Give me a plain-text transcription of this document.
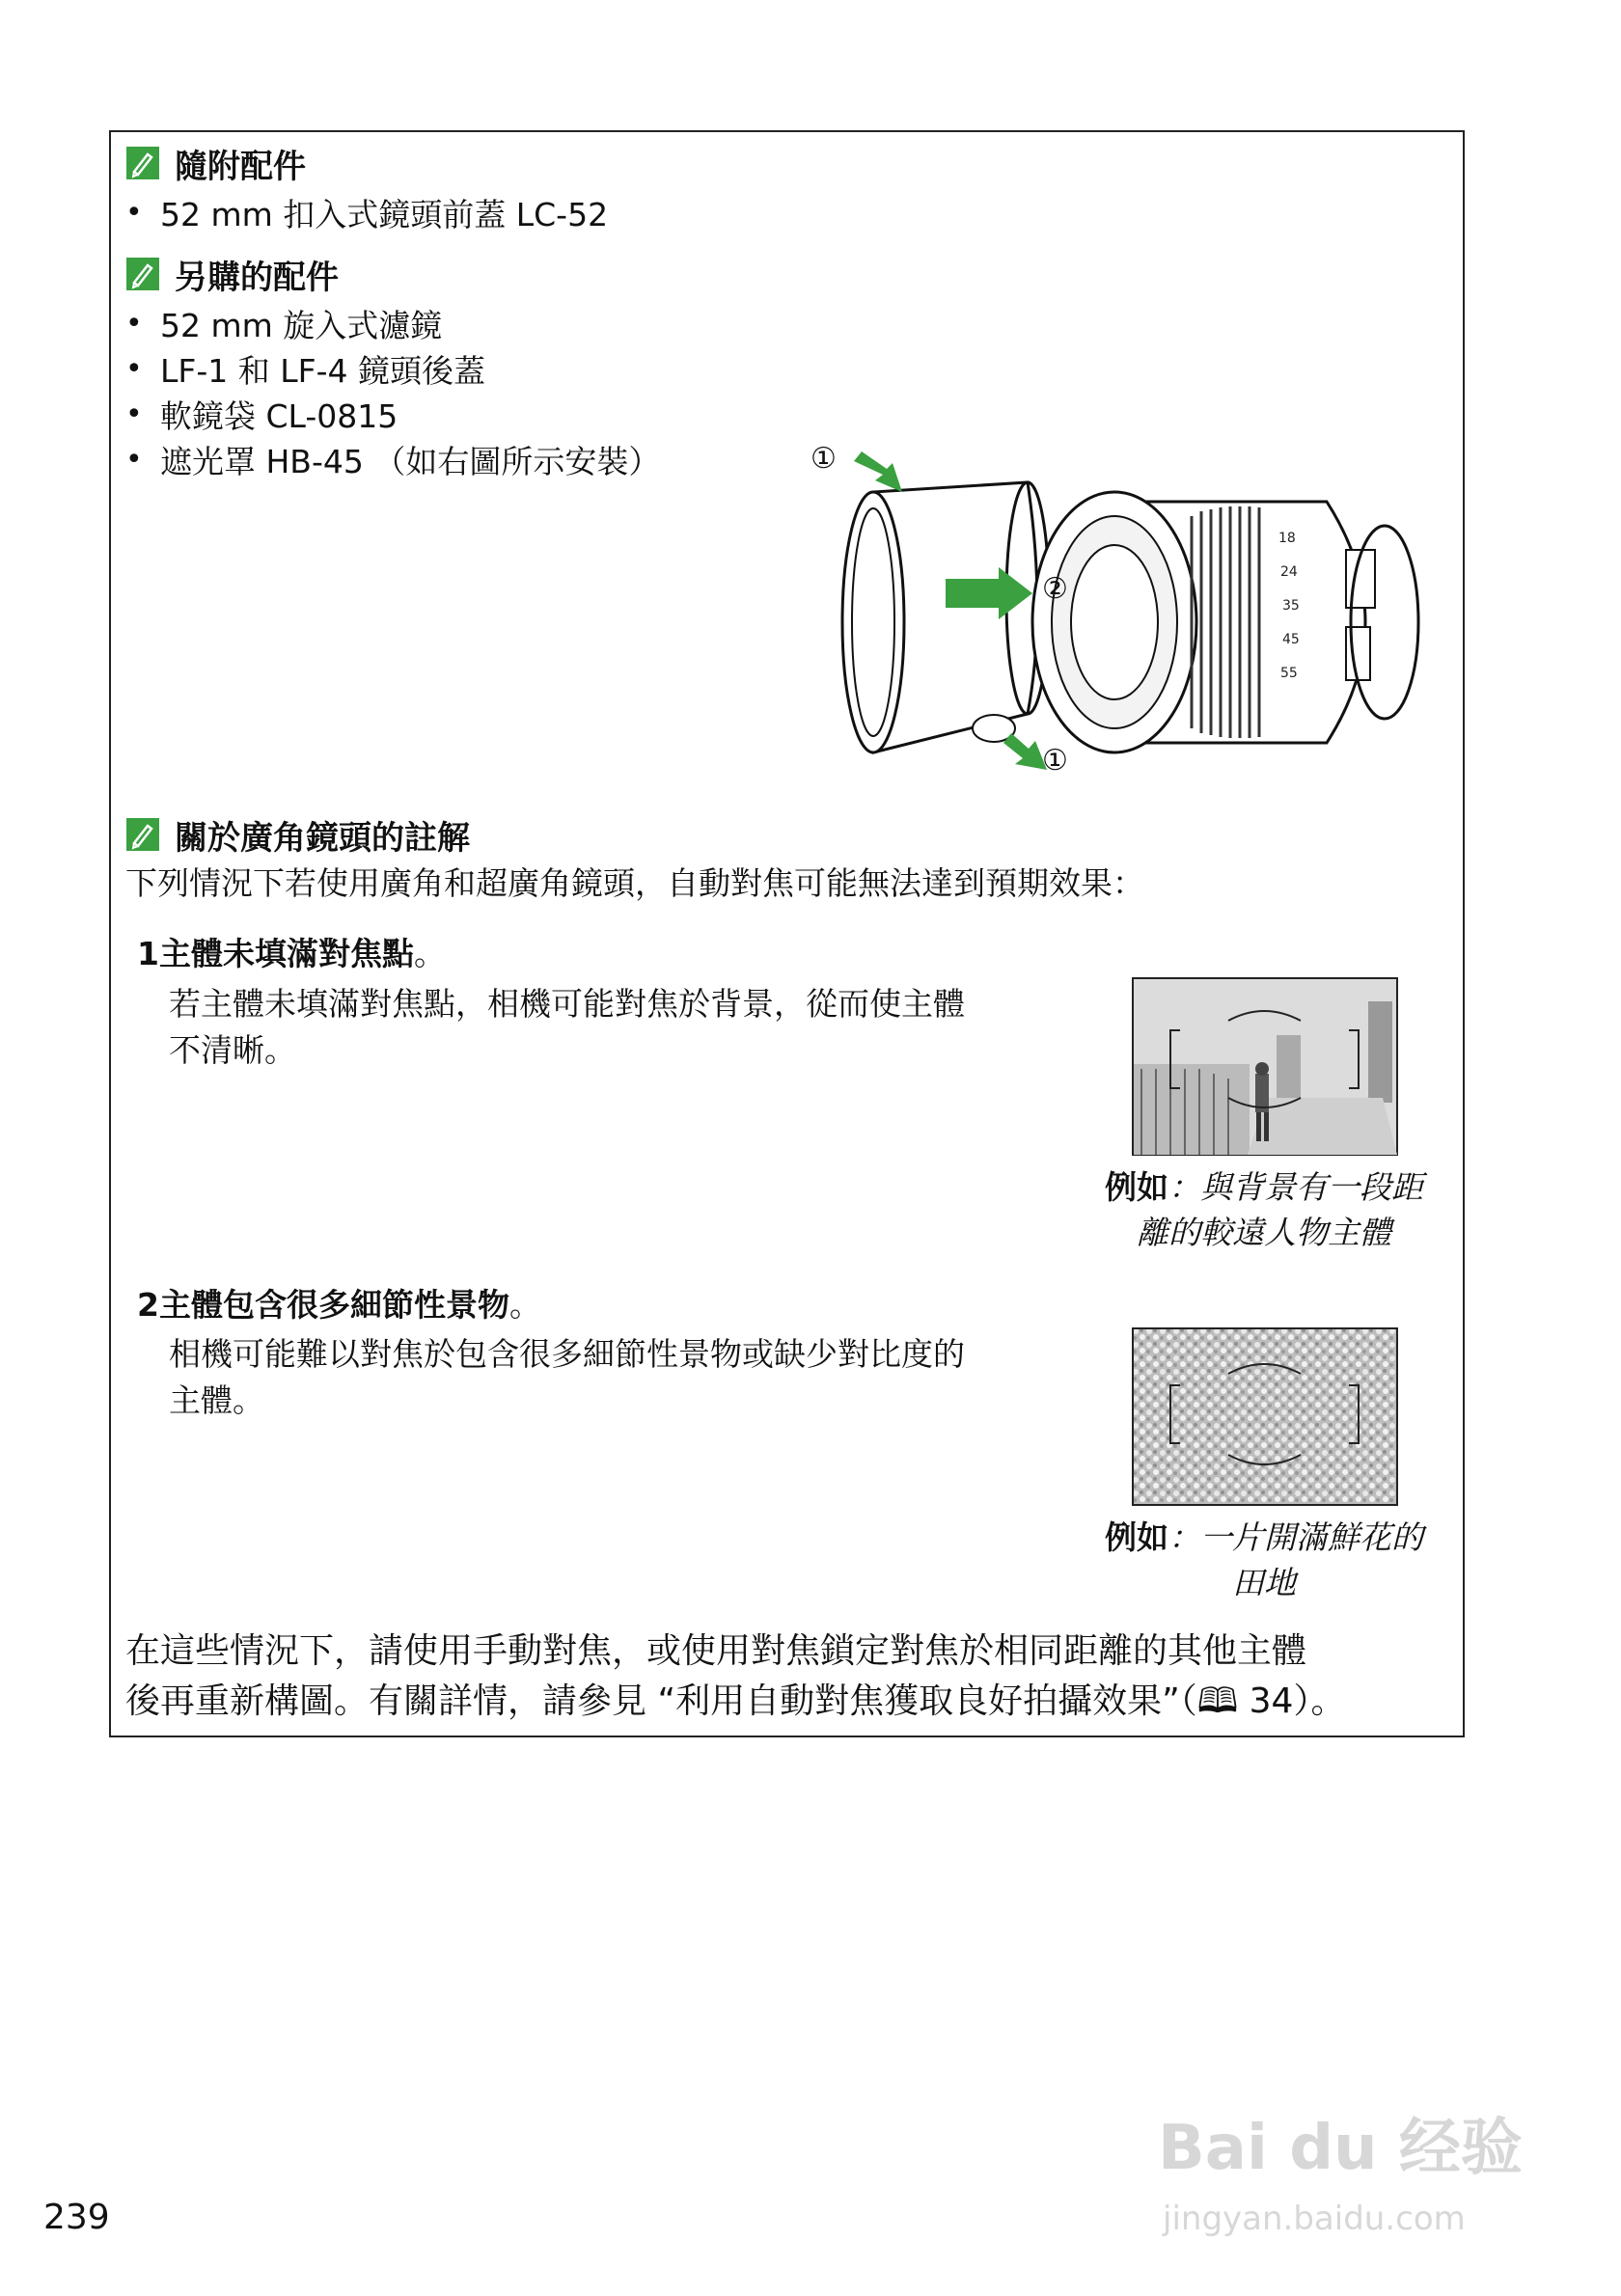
隨附配件
• 52 mm 扣入式鏡頭前蓋 LC-52
另購的配件
• 52 mm 旋入式濾鏡
• LF-1 和 LF-4 鏡頭後蓋
• 軟鏡袋 CL-0815
• 遮光罩 HB-45 （如右圖所示安裝）
18
24
35
45
55
①
②
①
關於廣角鏡頭的註解
下列情況下若使用廣角和超廣角鏡頭，自動對焦可能無法達到預期效果：
1主體未填滿對焦點。
若主體未填滿對焦點，相機可能對焦於背景，從而使主體
不清晰。
例如：與背景有一段距
離的較遠人物主體
2主體包含很多細節性景物。
相機可能難以對焦於包含很多細節性景物或缺少對比度的
主體。
例如：一片開滿鮮花的
田地
在這些情況下，請使用手動對焦，或使用對焦鎖定對焦於相同距離的其他主體
後再重新構圖。有關詳情，請參見 “利用自動對焦獲取良好拍攝效果”（🕮 34）。
239
Bai du 经验
jingyan.baidu.com
